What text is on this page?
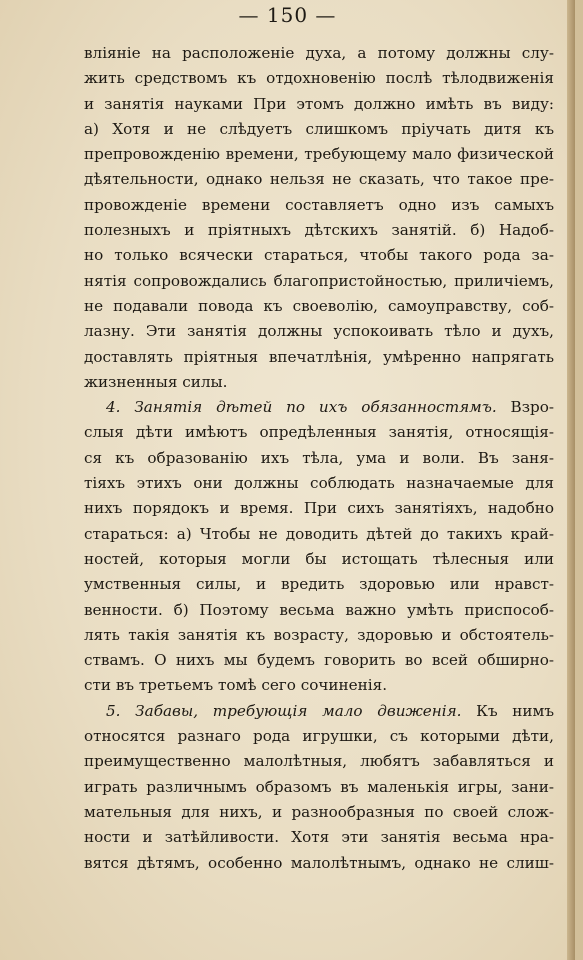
— 150 —
вліяніе на расположеніе духа, а потому должны слу-
жить средствомъ къ отдохновенію послѣ тѣлодвиженія
и занятія науками При этомъ должно имѣть въ виду:
а) Хотя и не слѣдуетъ слишкомъ пріучать дитя къ
препровожденію времени, требующему мало физической
дѣятельности, однако нельзя не сказать, что такое пре-
провожденіе времени составляетъ одно изъ самыхъ
полезныхъ и пріятныхъ дѣтскихъ занятій. б) Надоб-
но только всячески стараться, чтобы такого рода за-
нятія сопровождались благопристойностью, приличіемъ,
не подавали повода къ своеволію, самоуправству, соб-
лазну. Эти занятія должны успокоивать тѣло и духъ,
доставлять пріятныя впечатлѣнія, умѣренно напрягать
жизненныя силы.
4. Занятія дѣтей по ихъ обязанностямъ. Взро-
слыя дѣти имѣютъ опредѣленныя занятія, относящія-
ся къ образованію ихъ тѣла, ума и воли. Въ заня-
тіяхъ этихъ они должны соблюдать назначаемые для
нихъ порядокъ и время. При сихъ занятіяхъ, надобно
стараться: а) Чтобы не доводить дѣтей до такихъ край-
ностей, которыя могли бы истощать тѣлесныя или
умственныя силы, и вредить здоровью или нравст-
венности. б) Поэтому весьма важно умѣть приспособ-
лять такія занятія къ возрасту, здоровью и обстоятель-
ствамъ. О нихъ мы будемъ говорить во всей обширно-
сти въ третьемъ томѣ сего сочиненія.
5. Забавы, требующія мало движенія. Къ нимъ
относятся разнаго рода игрушки, съ которыми дѣти,
преимущественно малолѣтныя, любятъ забавляться и
играть различнымъ образомъ въ маленькія игры, зани-
мательныя для нихъ, и разнообразныя по своей слож-
ности и затѣйливости. Хотя эти занятія весьма нра-
вятся дѣтямъ, особенно малолѣтнымъ, однако не слиш-
